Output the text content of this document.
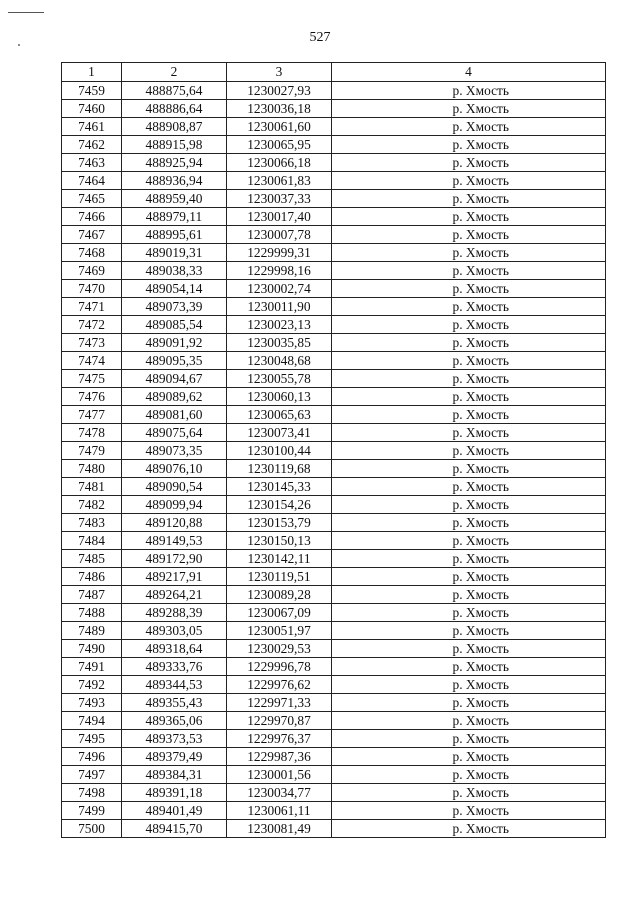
527
1	2	3	4
7459	488875,64	1230027,93	р. Хмость
7460	488886,64	1230036,18	р. Хмость
7461	488908,87	1230061,60	р. Хмость
7462	488915,98	1230065,95	р. Хмость
7463	488925,94	1230066,18	р. Хмость
7464	488936,94	1230061,83	р. Хмость
7465	488959,40	1230037,33	р. Хмость
7466	488979,11	1230017,40	р. Хмость
7467	488995,61	1230007,78	р. Хмость
7468	489019,31	1229999,31	р. Хмость
7469	489038,33	1229998,16	р. Хмость
7470	489054,14	1230002,74	р. Хмость
7471	489073,39	1230011,90	р. Хмость
7472	489085,54	1230023,13	р. Хмость
7473	489091,92	1230035,85	р. Хмость
7474	489095,35	1230048,68	р. Хмость
7475	489094,67	1230055,78	р. Хмость
7476	489089,62	1230060,13	р. Хмость
7477	489081,60	1230065,63	р. Хмость
7478	489075,64	1230073,41	р. Хмость
7479	489073,35	1230100,44	р. Хмость
7480	489076,10	1230119,68	р. Хмость
7481	489090,54	1230145,33	р. Хмость
7482	489099,94	1230154,26	р. Хмость
7483	489120,88	1230153,79	р. Хмость
7484	489149,53	1230150,13	р. Хмость
7485	489172,90	1230142,11	р. Хмость
7486	489217,91	1230119,51	р. Хмость
7487	489264,21	1230089,28	р. Хмость
7488	489288,39	1230067,09	р. Хмость
7489	489303,05	1230051,97	р. Хмость
7490	489318,64	1230029,53	р. Хмость
7491	489333,76	1229996,78	р. Хмость
7492	489344,53	1229976,62	р. Хмость
7493	489355,43	1229971,33	р. Хмость
7494	489365,06	1229970,87	р. Хмость
7495	489373,53	1229976,37	р. Хмость
7496	489379,49	1229987,36	р. Хмость
7497	489384,31	1230001,56	р. Хмость
7498	489391,18	1230034,77	р. Хмость
7499	489401,49	1230061,11	р. Хмость
7500	489415,70	1230081,49	р. Хмость
